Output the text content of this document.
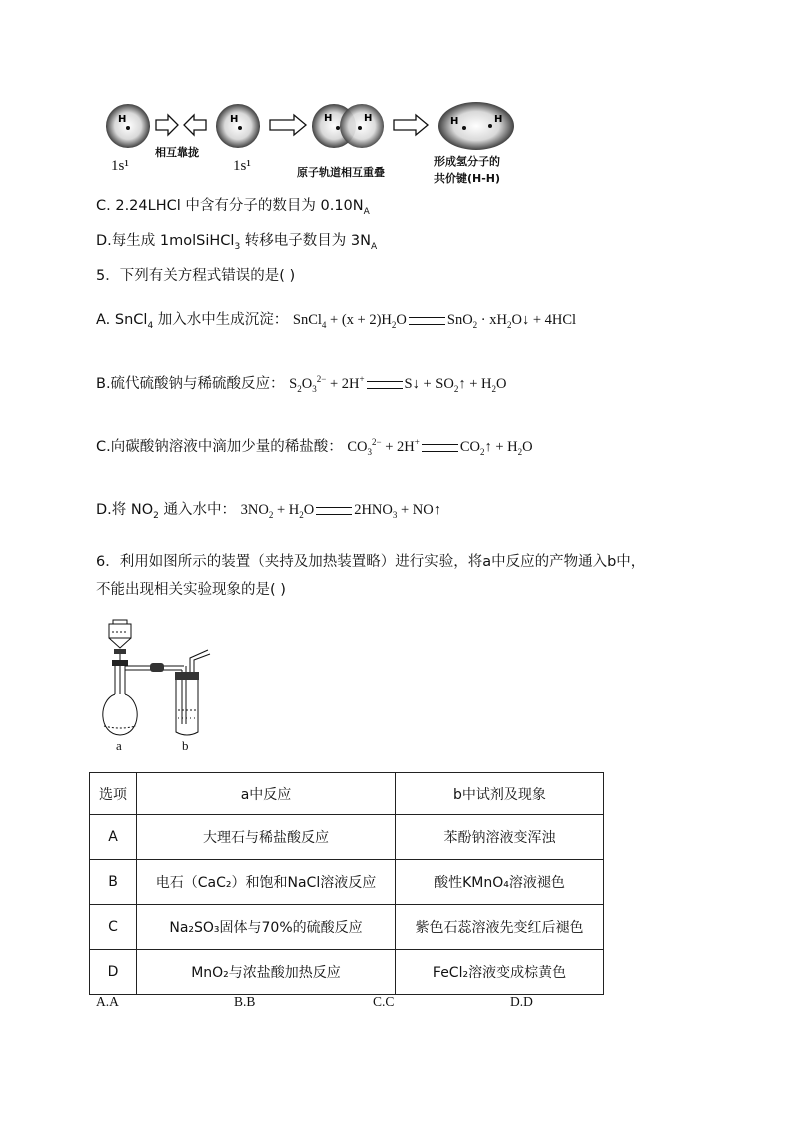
H	H	H	H	H	H
1s¹
相互靠拢
1s¹	原子轨道相互重叠
形成氢分子的
共价键(H-H)
C. 2.24LHCl 中含有分子的数目为 $0.10N_A$
D.每生成 1molSiHCl$_3$ 转移电子数目为 $3N_A$
5．下列有关方程式错误的是( )
A. SnCl$_4$ 加入水中生成沉淀： SnCl$_4$ + $(x + 2)H_2O$	$SnO_2 \cdot xH_2O↓ + 4HCl$
B.硫代硫酸钠与稀硫酸反应： $S_2O_3^{2-} + 2H^+$	S↓ + $SO_2↑ + H_2O$
C.向碳酸钠溶液中滴加少量的稀盐酸： $CO_3^{2-} + 2H^+$	$CO_2↑ + H_2O$
D.将 $NO_2$ 通入水中： $3NO_2 + H_2O$	$2HNO_3$ + NO↑
6．利用如图所示的装置（夹持及加热装置略）进行实验，将a中反应的产物通入b中，
不能出现相关实验现象的是( )
a	b
选项	a中反应	b中试剂及现象
A	大理石与稀盐酸反应	苯酚钠溶液变浑浊
B	电石（CaC₂）和饱和NaCl溶液反应	酸性KMnO₄溶液褪色
C	Na₂SO₃固体与70%的硫酸反应	紫色石蕊溶液先变红后褪色
D	MnO₂与浓盐酸加热反应	FeCl₂溶液变成棕黄色
A.A	B.B	C.C	D.D
